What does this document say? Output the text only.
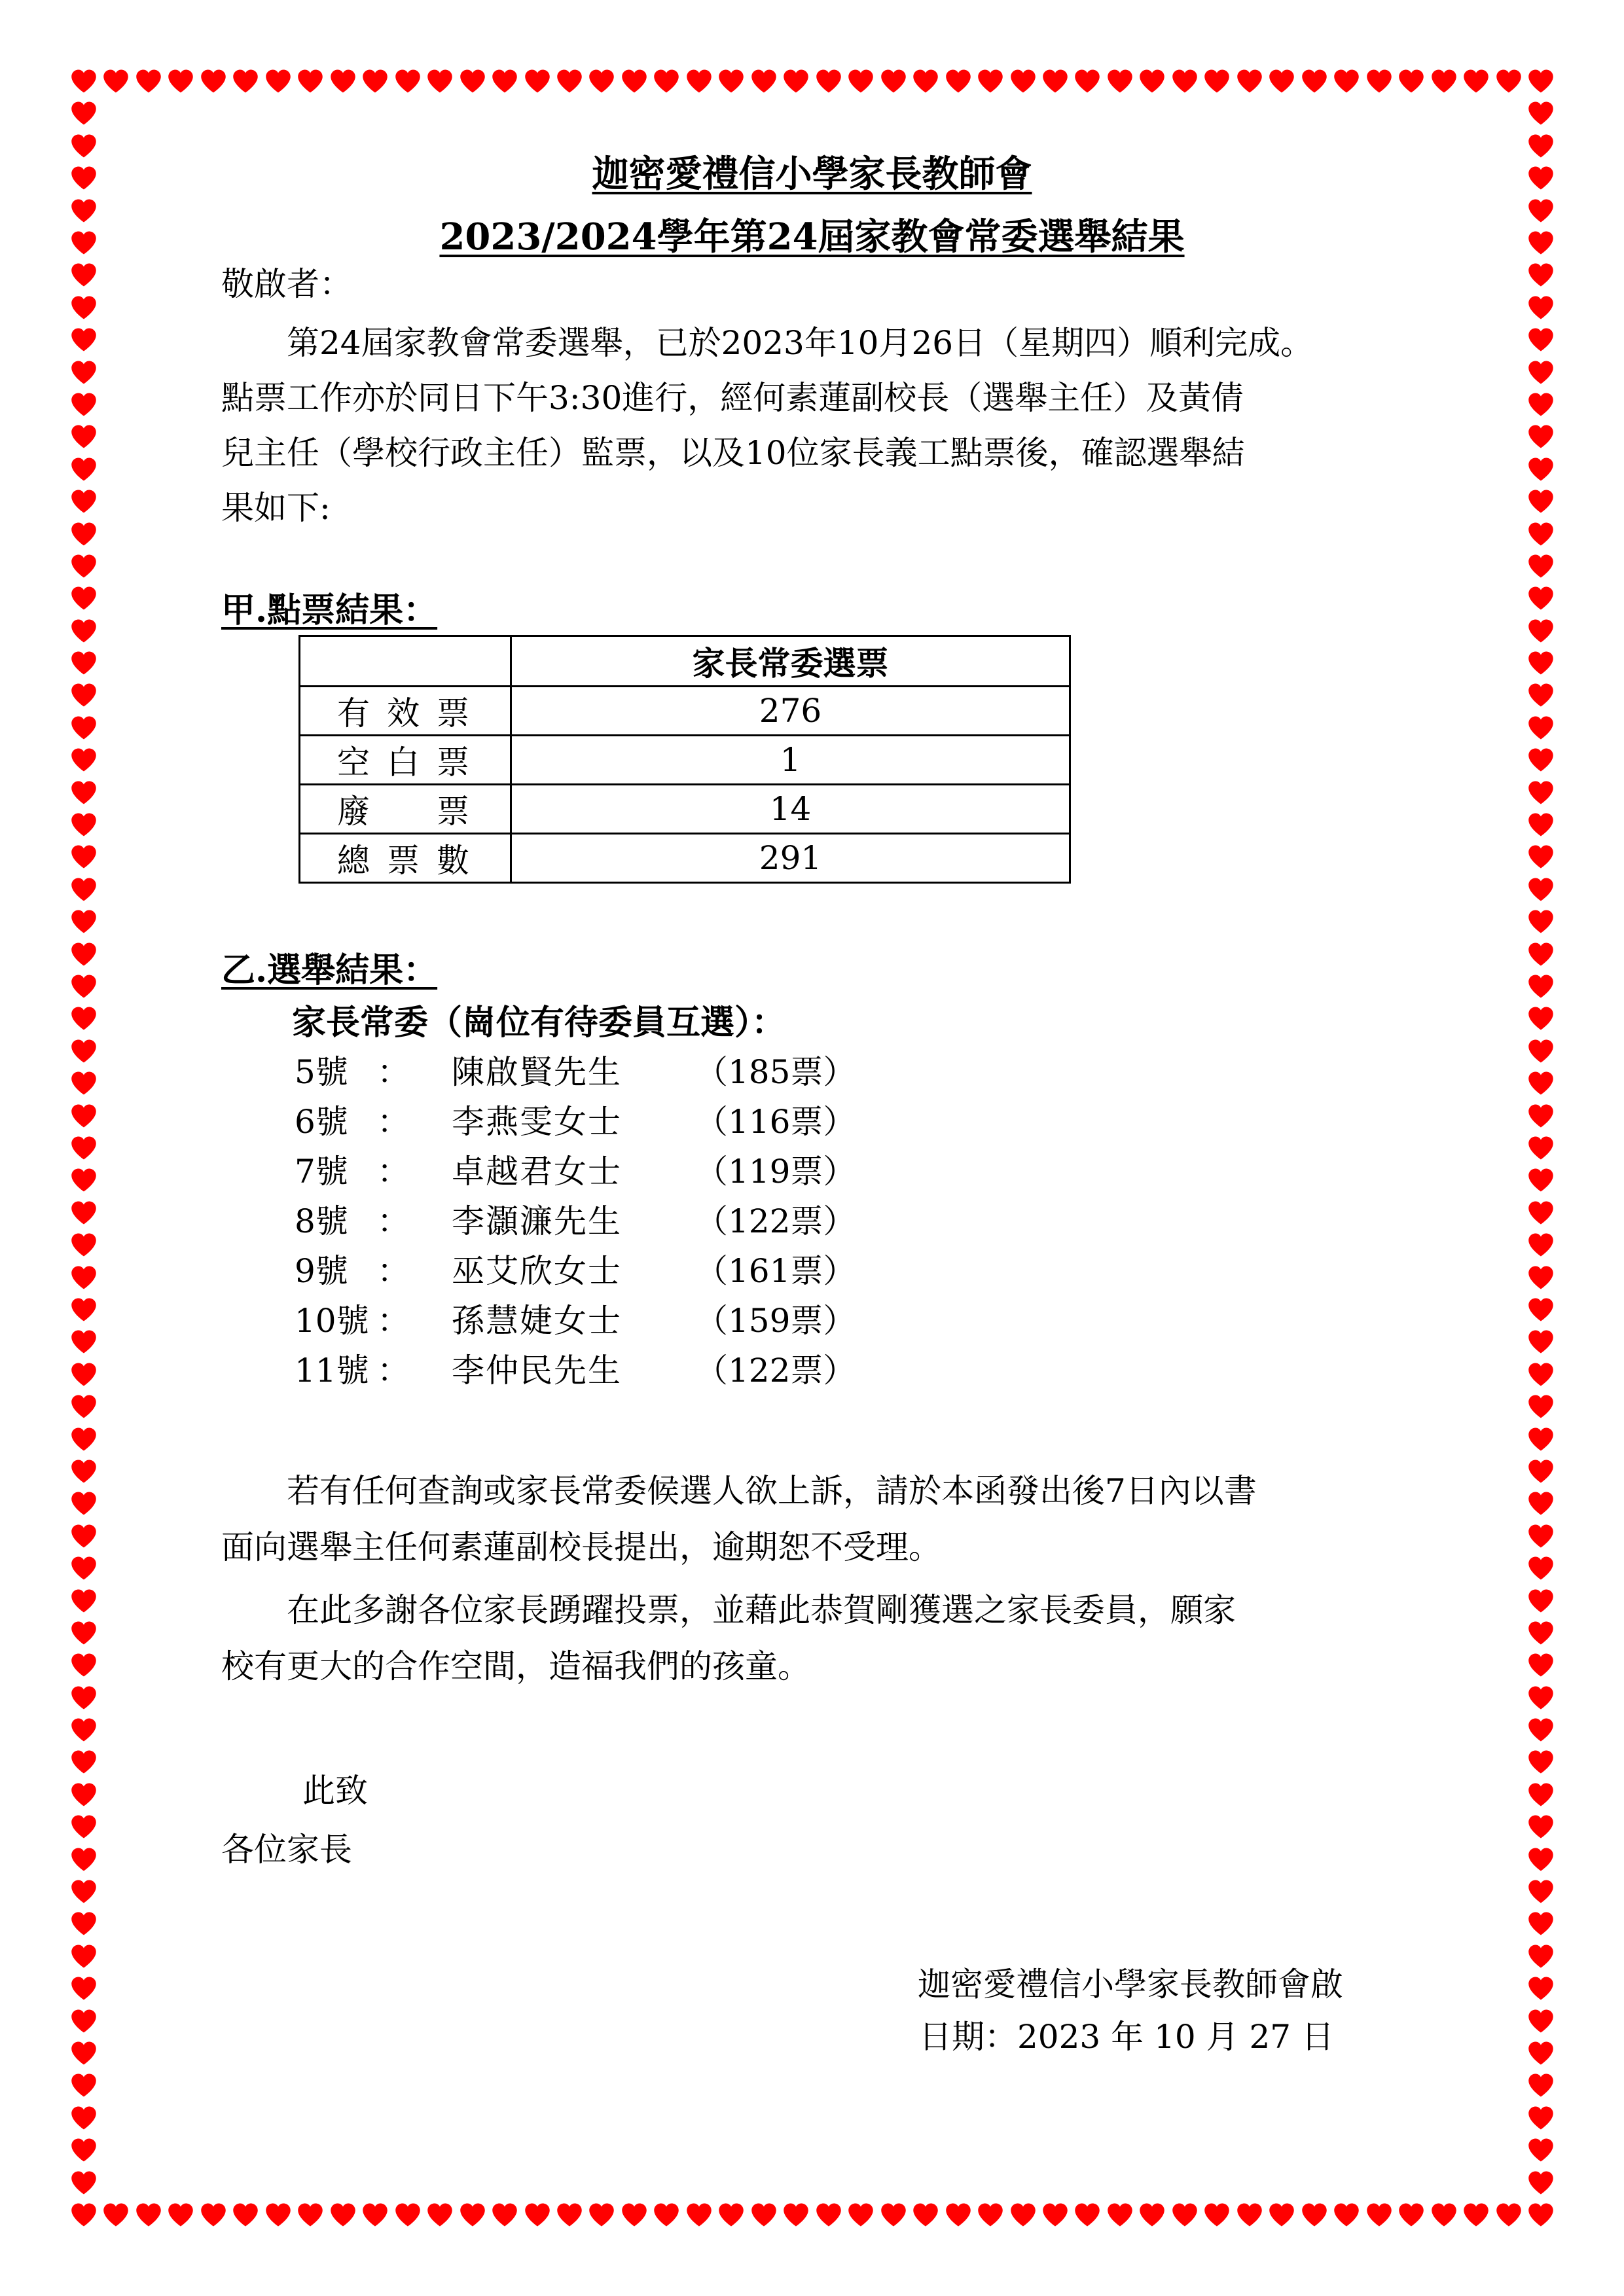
迦密愛禮信小學家長教師會
2023/2024學年第24屆家教會常委選舉結果
敬啟者：
　　第24屆家教會常委選舉，已於2023年10月26日（星期四）順利完成。
點票工作亦於同日下午3:30進行，經何素蓮副校長（選舉主任）及黃倩
兒主任（學校行政主任）監票，以及10位家長義工點票後，確認選舉結
果如下:
甲.點票結果：
	家長常委選票
有效票	276
空白票	1
廢　票	14
總票數	291
乙.選舉結果：
家長常委（崗位有待委員互選）：
5號 ： 陳啟賢先生 （185票）
6號 ： 李燕雯女士 （116票）
7號 ： 卓越君女士 （119票）
8號 ： 李灝濂先生 （122票）
9號 ： 巫艾欣女士 （161票）
10號 ： 孫慧婕女士 （159票）
11號 ： 李仲民先生 （122票）
　　若有任何查詢或家長常委候選人欲上訴，請於本函發出後7日內以書
面向選舉主任何素蓮副校長提出，逾期恕不受理。
　　在此多謝各位家長踴躍投票，並藉此恭賀剛獲選之家長委員，願家
校有更大的合作空間，造福我們的孩童。
此致
各位家長
迦密愛禮信小學家長教師會啟
日期：2023 年 10 月 27 日
